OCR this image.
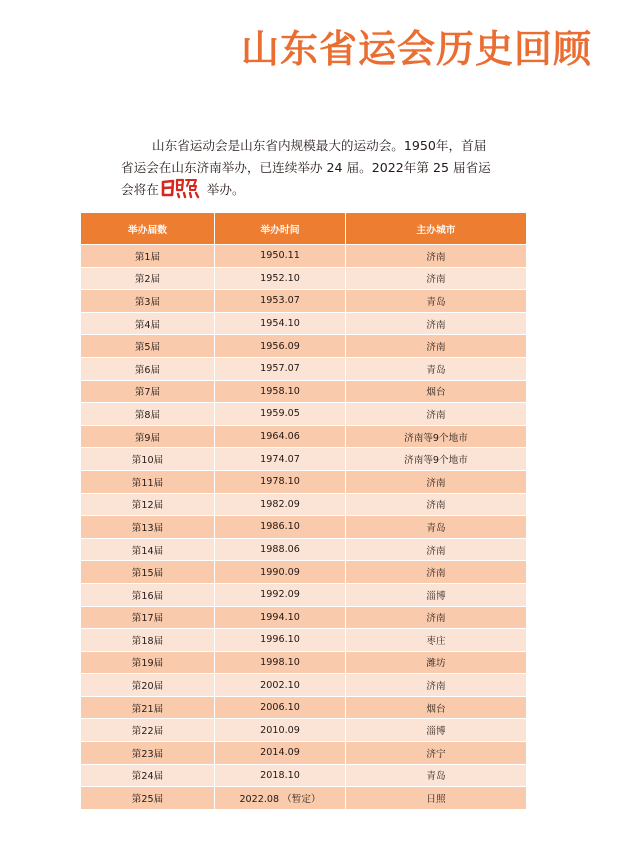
山东省运会历史回顾

山东省运动会是山东省内规模最大的运动会。1950年，首届省运会在山东济南举办，已连续举办 24 届。2022年第 25 届省运会将在	举办。

举办届数	举办时间	主办城市
第1届	1950.11	济南
第2届	1952.10	济南
第3届	1953.07	青岛
第4届	1954.10	济南
第5届	1956.09	济南
第6届	1957.07	青岛
第7届	1958.10	烟台
第8届	1959.05	济南
第9届	1964.06	济南等9个地市
第10届	1974.07	济南等9个地市
第11届	1978.10	济南
第12届	1982.09	济南
第13届	1986.10	青岛
第14届	1988.06	济南
第15届	1990.09	济南
第16届	1992.09	淄博
第17届	1994.10	济南
第18届	1996.10	枣庄
第19届	1998.10	潍坊
第20届	2002.10	济南
第21届	2006.10	烟台
第22届	2010.09	淄博
第23届	2014.09	济宁
第24届	2018.10	青岛
第25届	2022.08 （暂定）	日照
